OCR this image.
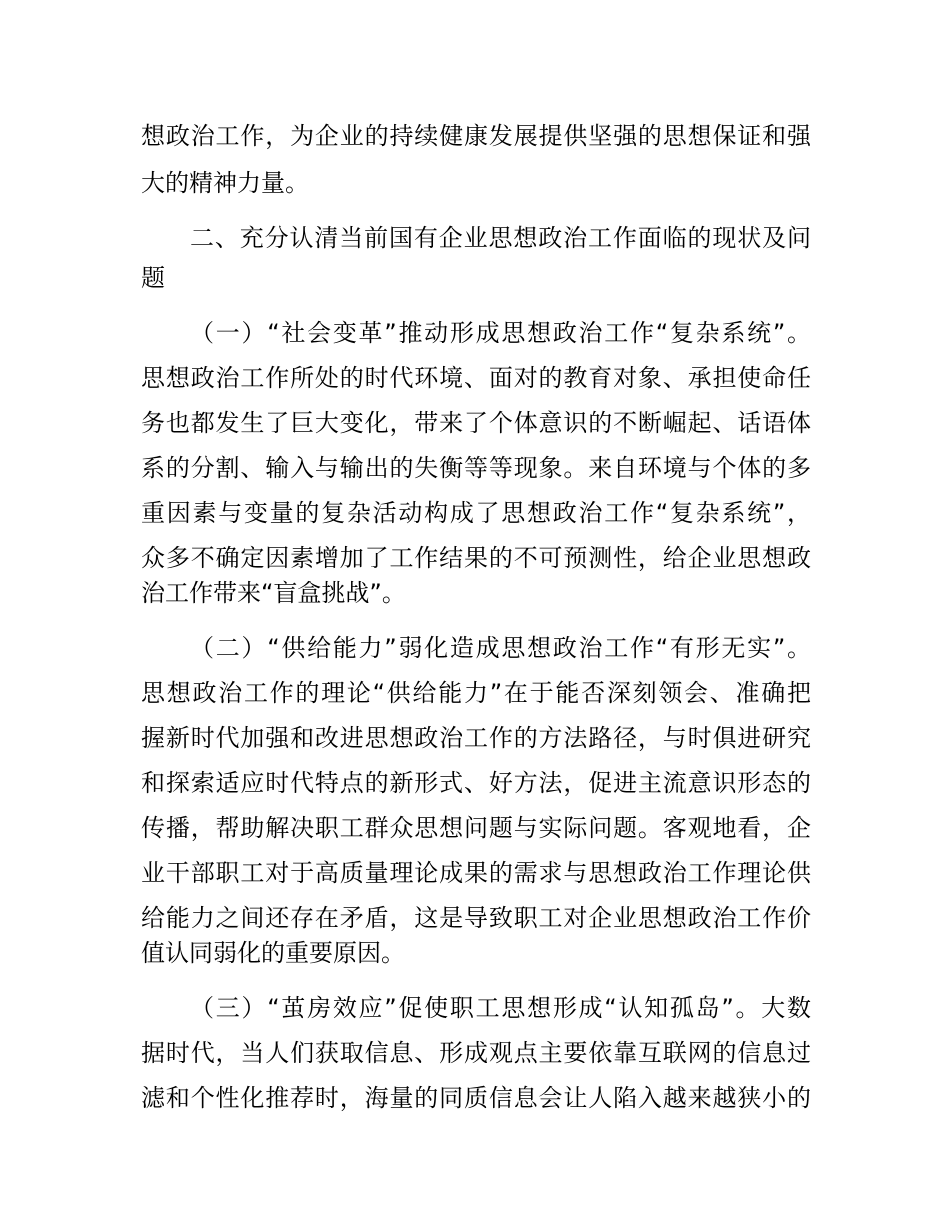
想政治工作，为企业的持续健康发展提供坚强的思想保证和强
大的精神力量。
二、充分认清当前国有企业思想政治工作面临的现状及问
题
（一）“社会变革”推动形成思想政治工作“复杂系统”。
思想政治工作所处的时代环境、面对的教育对象、承担使命任
务也都发生了巨大变化，带来了个体意识的不断崛起、话语体
系的分割、输入与输出的失衡等等现象。来自环境与个体的多
重因素与变量的复杂活动构成了思想政治工作“复杂系统”，
众多不确定因素增加了工作结果的不可预测性，给企业思想政
治工作带来“盲盒挑战”。
（二）“供给能力”弱化造成思想政治工作“有形无实”。
思想政治工作的理论“供给能力”在于能否深刻领会、准确把
握新时代加强和改进思想政治工作的方法路径，与时俱进研究
和探索适应时代特点的新形式、好方法，促进主流意识形态的
传播，帮助解决职工群众思想问题与实际问题。客观地看，企
业干部职工对于高质量理论成果的需求与思想政治工作理论供
给能力之间还存在矛盾，这是导致职工对企业思想政治工作价
值认同弱化的重要原因。
（三）“茧房效应”促使职工思想形成“认知孤岛”。大数
据时代，当人们获取信息、形成观点主要依靠互联网的信息过
滤和个性化推荐时，海量的同质信息会让人陷入越来越狭小的
